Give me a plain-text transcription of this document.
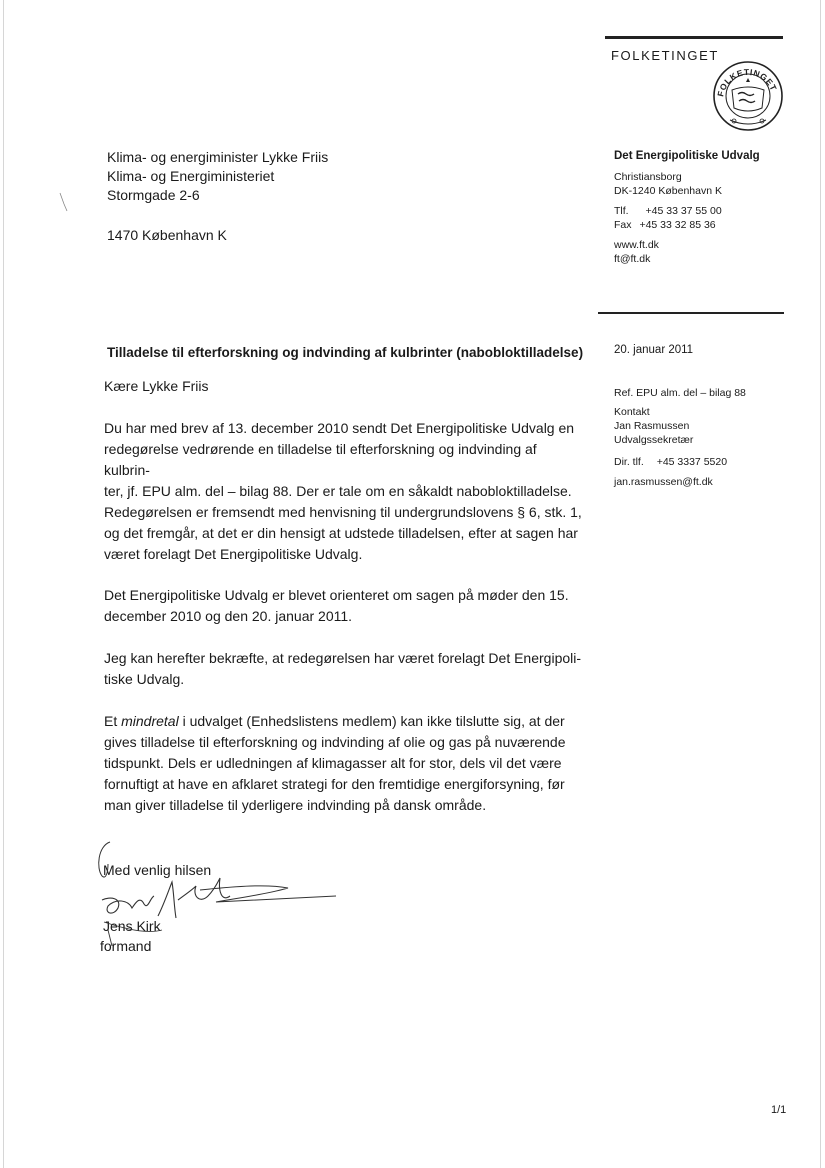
FOLKETINGET
FOLKETINGET
Det Energipolitiske Udvalg
Christiansborg
DK-1240 København K
Tlf. +45 33 37 55 00
Fax +45 33 32 85 36
www.ft.dk
ft@ft.dk
Klima- og energiminister Lykke Friis
Klima- og Energiministeriet
Stormgade 2-6
1470 København K
Tilladelse til efterforskning og indvinding af kulbrinter (nabobloktilladelse)	20. januar 2011
Ref. EPU alm. del – bilag 88
Kontakt
Jan Rasmussen
Udvalgssekretær
Dir. tlf. +45 3337 5520
jan.rasmussen@ft.dk
Kære Lykke Friis

Du har med brev af 13. december 2010 sendt Det Energipolitiske Udvalg en

redegørelse vedrørende en tilladelse til efterforskning og indvinding af kulbrin-

ter, jf. EPU alm. del – bilag 88. Der er tale om en såkaldt nabobloktilladelse.

Redegørelsen er fremsendt med henvisning til undergrundslovens § 6, stk. 1,

og det fremgår, at det er din hensigt at udstede tilladelsen, efter at sagen har

været forelagt Det Energipolitiske Udvalg.

Det Energipolitiske Udvalg er blevet orienteret om sagen på møder den 15.

december 2010 og den 20. januar 2011.

Jeg kan herefter bekræfte, at redegørelsen har været forelagt Det Energipoli-

tiske Udvalg.

Et mindretal i udvalget (Enhedslistens medlem) kan ikke tilslutte sig, at der

gives tilladelse til efterforskning og indvinding af olie og gas på nuværende

tidspunkt. Dels er udledningen af klimagasser alt for stor, dels vil det være

fornuftigt at have en afklaret strategi for den fremtidige energiforsyning, før

man giver tilladelse til yderligere indvinding på dansk område.

Med venlig hilsen
Jens Kirk
formand
1/1
